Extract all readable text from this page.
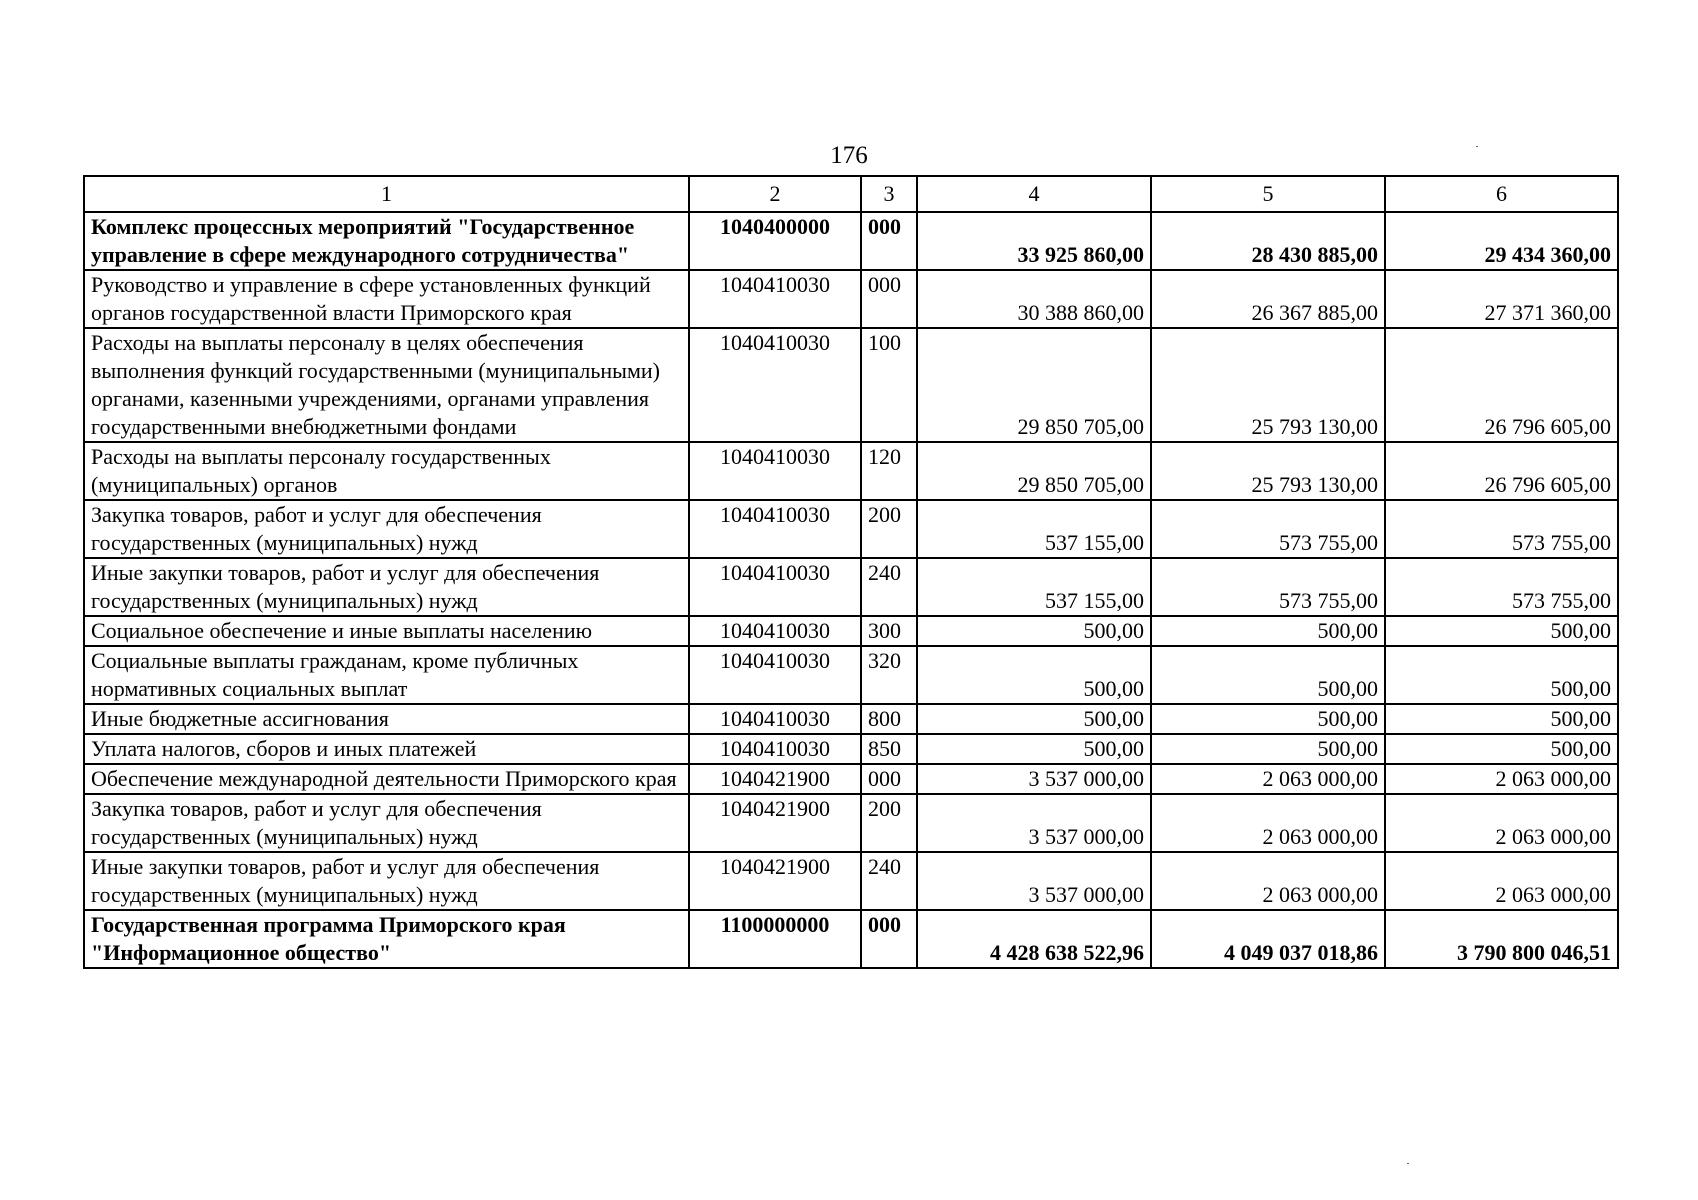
176
1	2	3	4	5	6
Комплекс процессных мероприятий "Государственное управление в сфере международного сотрудничества"	1040400000	000	33 925 860,00	28 430 885,00	29 434 360,00
Руководство и управление в сфере установленных функций органов государственной власти Приморского края	1040410030	000	30 388 860,00	26 367 885,00	27 371 360,00
Расходы на выплаты персоналу в целях обеспечения выполнения функций государственными (муниципальными) органами, казенными учреждениями, органами управления государственными внебюджетными фондами	1040410030	100	29 850 705,00	25 793 130,00	26 796 605,00
Расходы на выплаты персоналу государственных (муниципальных) органов	1040410030	120	29 850 705,00	25 793 130,00	26 796 605,00
Закупка товаров, работ и услуг для обеспечения государственных (муниципальных) нужд	1040410030	200	537 155,00	573 755,00	573 755,00
Иные закупки товаров, работ и услуг для обеспечения государственных (муниципальных) нужд	1040410030	240	537 155,00	573 755,00	573 755,00
Социальное обеспечение и иные выплаты населению	1040410030	300	500,00	500,00	500,00
Социальные выплаты гражданам, кроме публичных нормативных социальных выплат	1040410030	320	500,00	500,00	500,00
Иные бюджетные ассигнования	1040410030	800	500,00	500,00	500,00
Уплата налогов, сборов и иных платежей	1040410030	850	500,00	500,00	500,00
Обеспечение международной деятельности Приморского края	1040421900	000	3 537 000,00	2 063 000,00	2 063 000,00
Закупка товаров, работ и услуг для обеспечения государственных (муниципальных) нужд	1040421900	200	3 537 000,00	2 063 000,00	2 063 000,00
Иные закупки товаров, работ и услуг для обеспечения государственных (муниципальных) нужд	1040421900	240	3 537 000,00	2 063 000,00	2 063 000,00
Государственная программа Приморского края "Информационное общество"	1100000000	000	4 428 638 522,96	4 049 037 018,86	3 790 800 046,51
